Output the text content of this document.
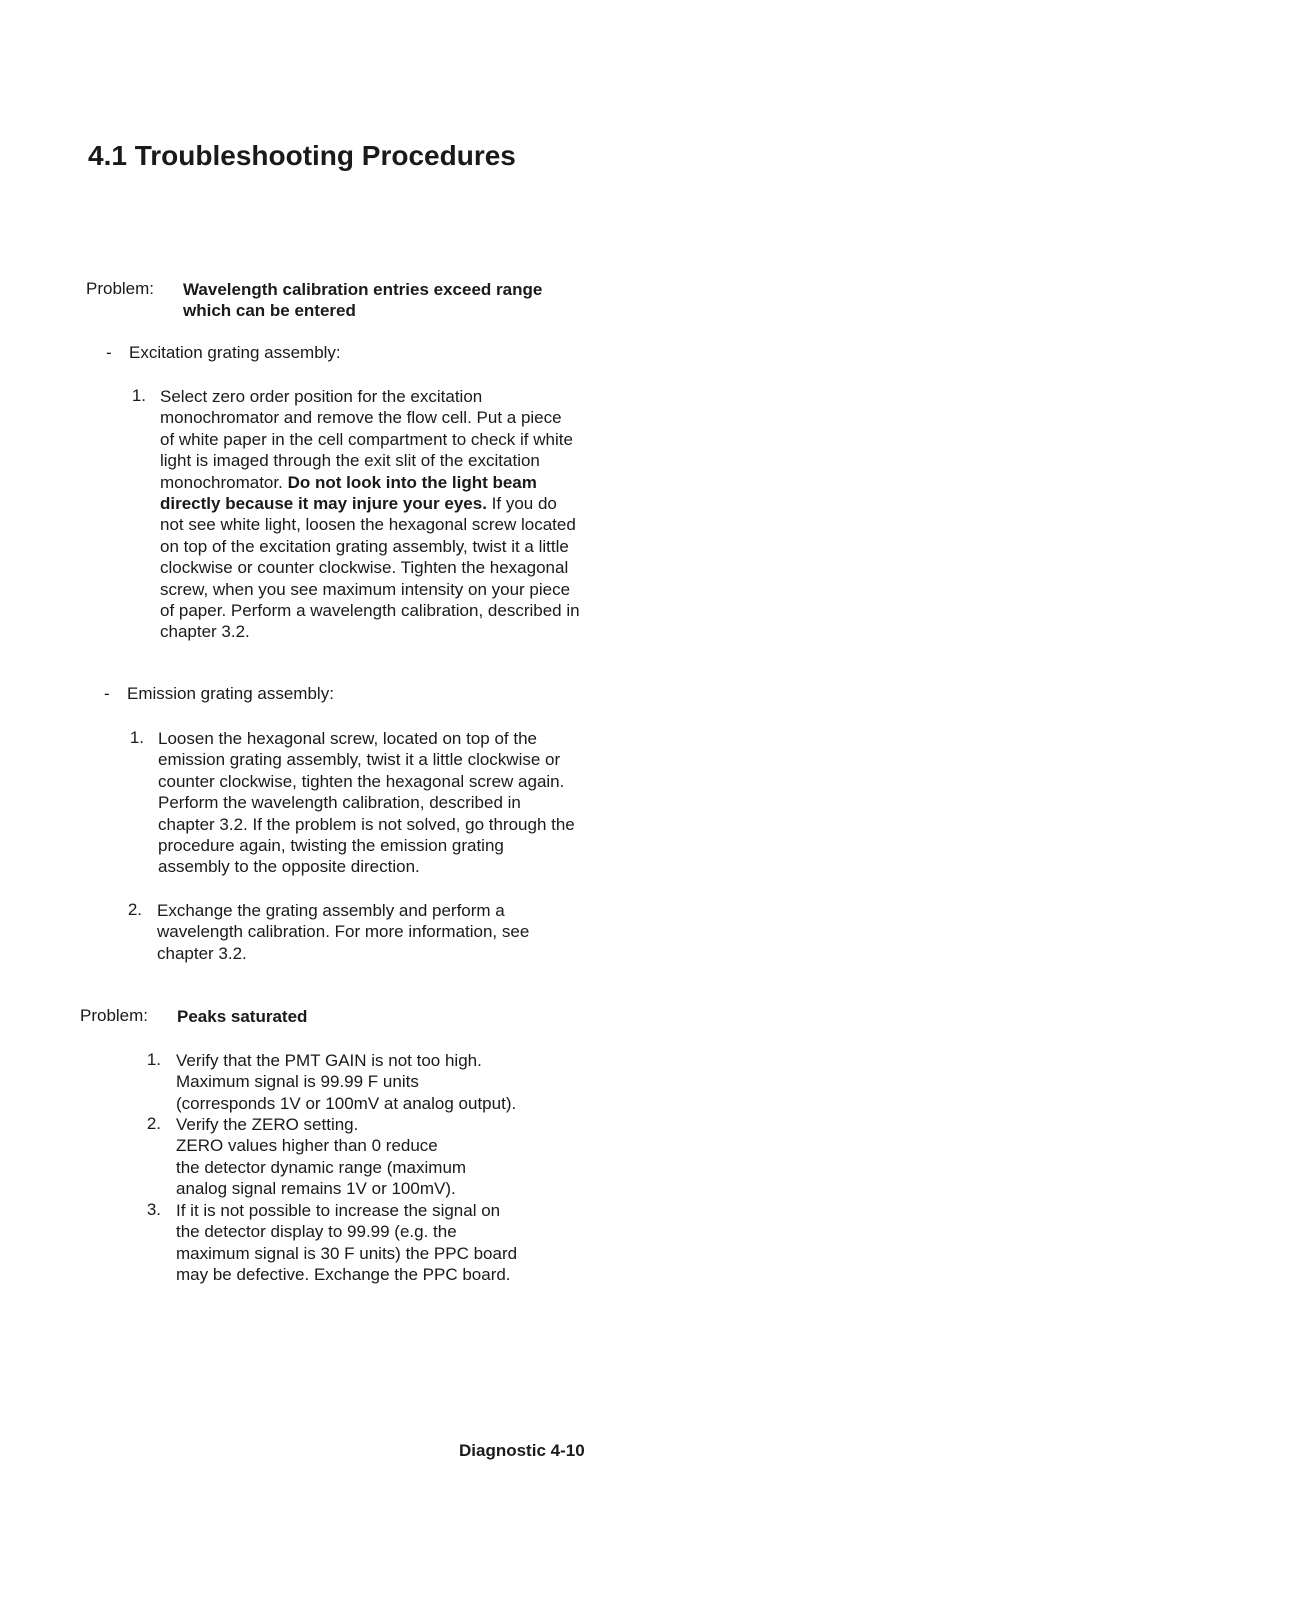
4.1 Troubleshooting Procedures
Problem: Wavelength calibration entries exceed range
which can be entered
- Excitation grating assembly:
1. Select zero order position for the excitation monochromator and remove the flow cell. Put a piece of white paper in the cell compartment to check if white light is imaged through the exit slit of the excitation monochromator. Do not look into the light beam directly because it may injure your eyes. If you do not see white light, loosen the hexagonal screw located on top of the excitation grating assembly, twist it a little clockwise or counter clockwise. Tighten the hexagonal screw, when you see maximum intensity on your piece of paper. Perform a wavelength calibration, described in chapter 3.2.
- Emission grating assembly:
1. Loosen the hexagonal screw, located on top of the emission grating assembly, twist it a little clockwise or counter clockwise, tighten the hexagonal screw again. Perform the wavelength calibration, described in chapter 3.2. If the problem is not solved, go through the procedure again, twisting the emission grating assembly to the opposite direction.
2. Exchange the grating assembly and perform a wavelength calibration. For more information, see chapter 3.2.
Problem: Peaks saturated
1. Verify that the PMT GAIN is not too high.
Maximum signal is 99.99 F units
(corresponds 1V or 100mV at analog output).
2. Verify the ZERO setting.
ZERO values higher than 0 reduce
the detector dynamic range (maximum
analog signal remains 1V or 100mV).
3. If it is not possible to increase the signal on
the detector display to 99.99 (e.g. the
maximum signal is 30 F units) the PPC board
may be defective. Exchange the PPC board.
Diagnostic 4-10
